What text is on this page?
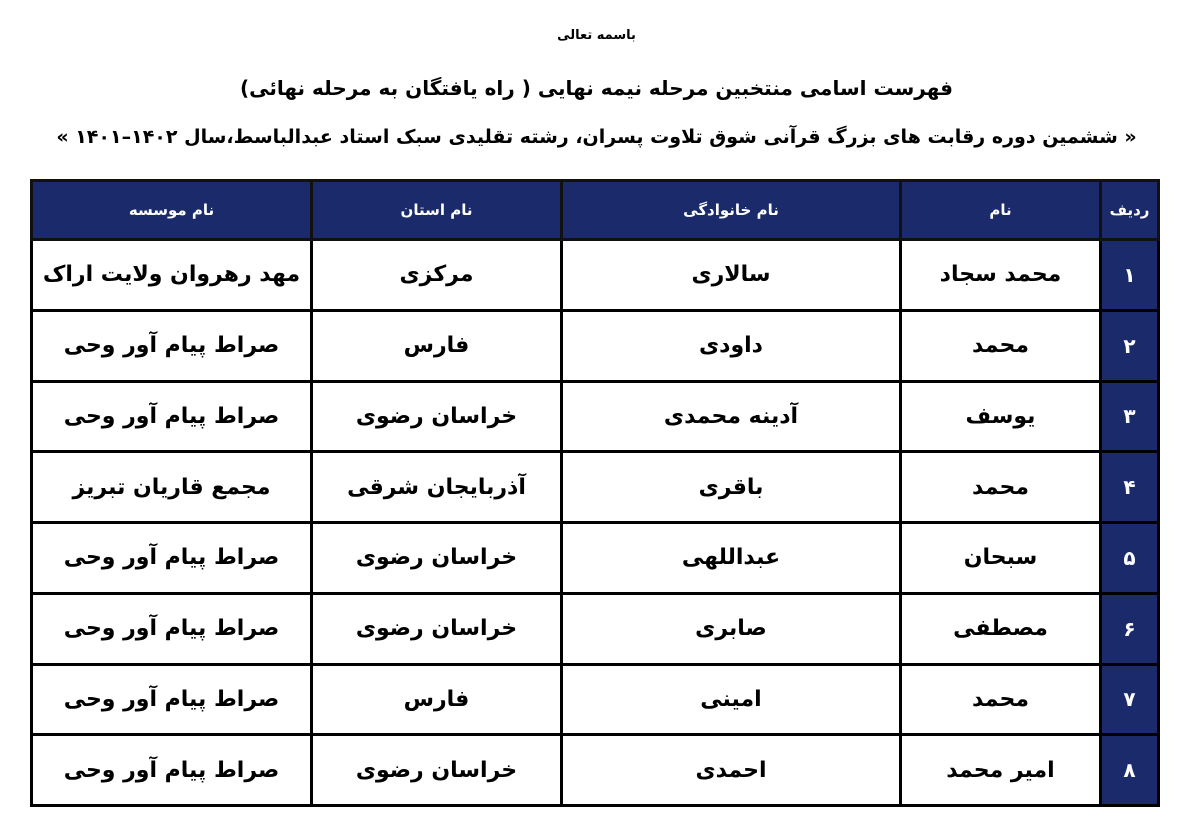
باسمه تعالی
فهرست اسامی منتخبین مرحله نیمه نهایی ( راه یافتگان به مرحله نهائی)
« ششمین دوره رقابت های بزرگ قرآنی شوق تلاوت پسران، رشته تقلیدی سبک استاد عبدالباسط،سال ۱۴۰۲–۱۴۰۱ »
ردیف	نام	نام خانوادگی	نام استان	نام موسسه
۱	محمد سجاد	سالاری	مرکزی	مهد رهروان ولایت اراک
۲	محمد	داودی	فارس	صراط پیام آور وحی
۳	یوسف	آدینه محمدی	خراسان رضوی	صراط پیام آور وحی
۴	محمد	باقری	آذربایجان شرقی	مجمع قاریان تبریز
۵	سبحان	عبداللهی	خراسان رضوی	صراط پیام آور وحی
۶	مصطفی	صابری	خراسان رضوی	صراط پیام آور وحی
۷	محمد	امینی	فارس	صراط پیام آور وحی
۸	امیر محمد	احمدی	خراسان رضوی	صراط پیام آور وحی
